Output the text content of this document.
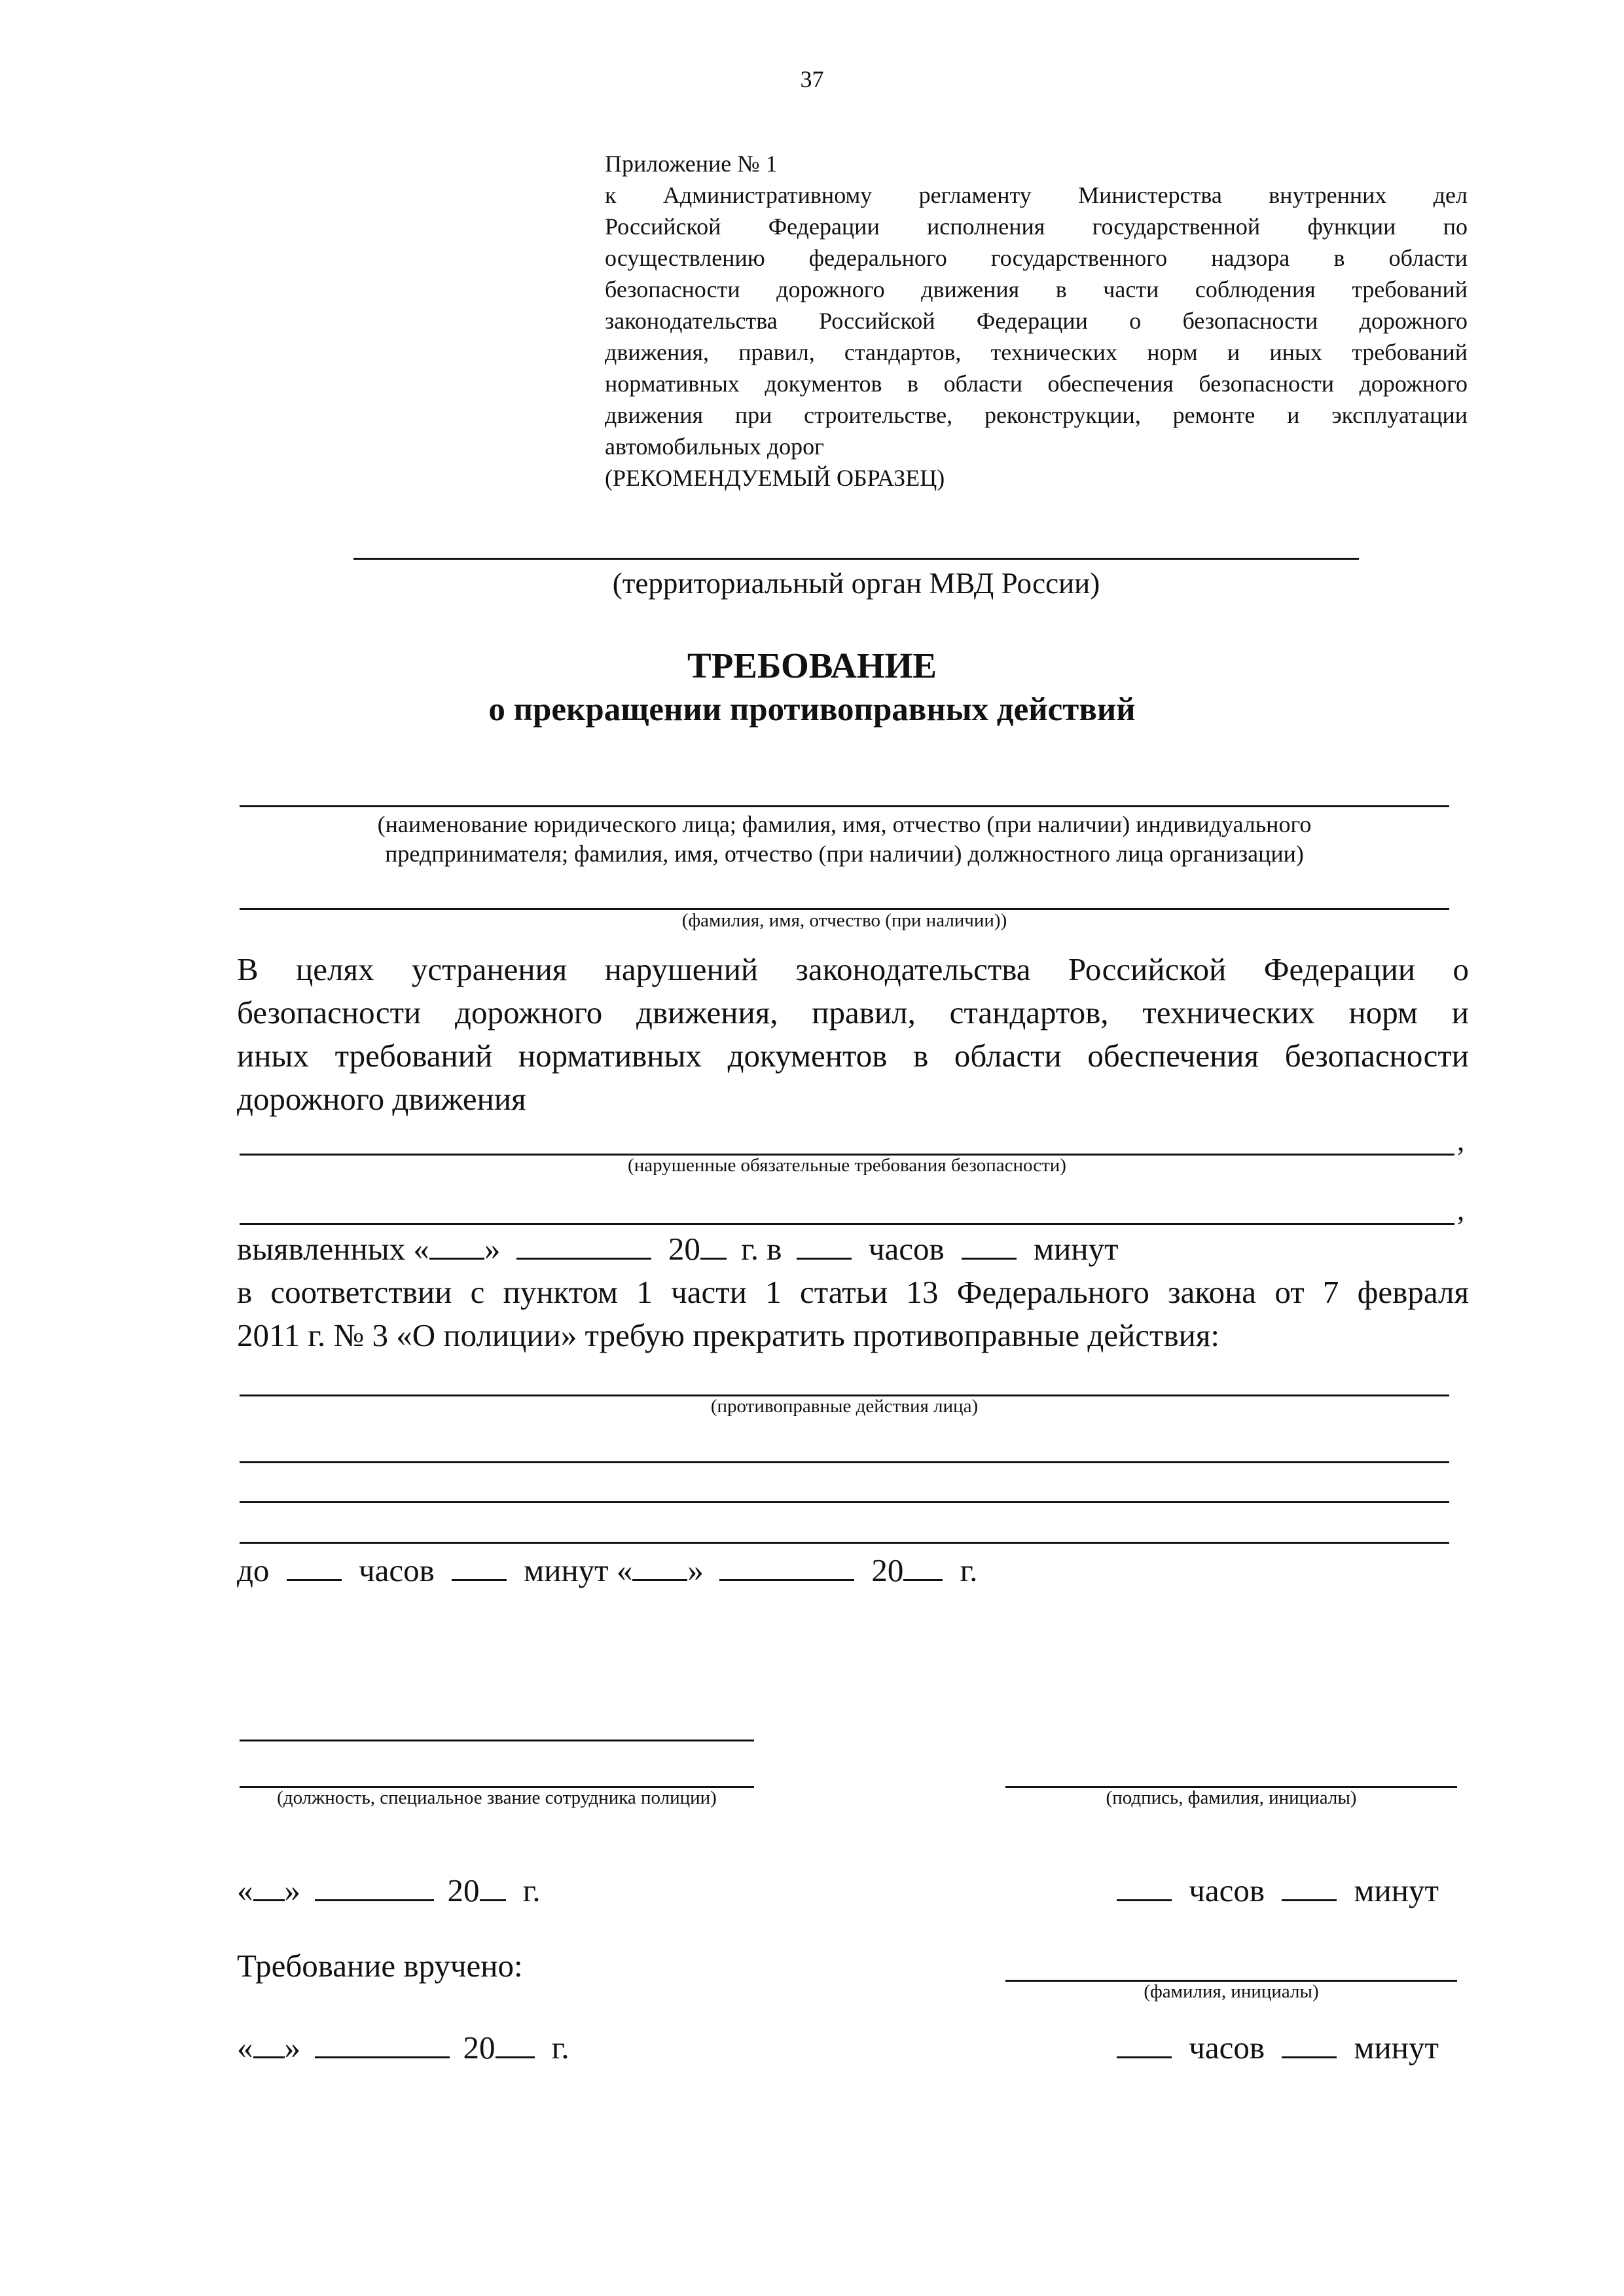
37
Приложение № 1
к Административному регламенту Министерства внутренних дел
Российской Федерации исполнения государственной функции по
осуществлению федерального государственного надзора в области
безопасности дорожного движения в части соблюдения требований
законодательства Российской Федерации о безопасности дорожного
движения, правил, стандартов, технических норм и иных требований
нормативных документов в области обеспечения безопасности дорожного
движения при строительстве, реконструкции, ремонте и эксплуатации
автомобильных дорог
(РЕКОМЕНДУЕМЫЙ ОБРАЗЕЦ)
(территориальный орган МВД России)
ТРЕБОВАНИЕ
о прекращении противоправных действий
(наименование юридического лица; фамилия, имя, отчество (при наличии) индивидуального
предпринимателя; фамилия, имя, отчество (при наличии) должностного лица организации)
(фамилия, имя, отчество (при наличии))
В целях устранения нарушений законодательства Российской Федерации о
безопасности дорожного движения, правил, стандартов, технических норм и
иных требований нормативных документов в области обеспечения безопасности
дорожного движения
,
(нарушенные обязательные требования безопасности)
,
выявленных « »	20 г. в	часов	минут
в соответствии с пунктом 1 части 1 статьи 13 Федерального закона от 7 февраля
2011 г. № 3 «О полиции» требую прекратить противоправные действия:
(противоправные действия лица)
до	часов	минут « »	20 г.
(должность, специальное звание сотрудника полиции)	(подпись, фамилия, инициалы)
« »	20 г.	часов	минут
Требование вручено:
(фамилия, инициалы)
« »	20 г.	часов	минут
